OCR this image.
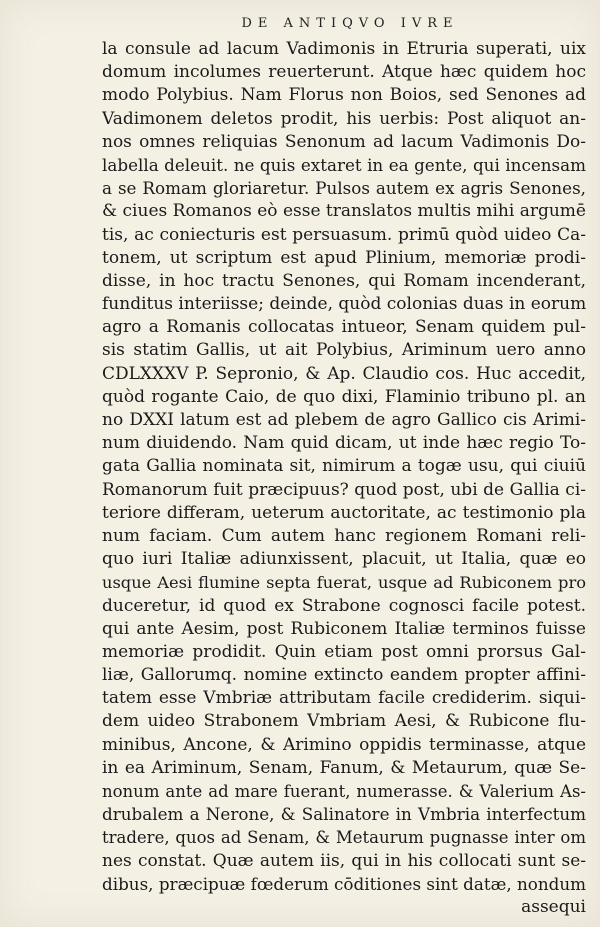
DE ANTIQVO IVRE
la consule ad lacum Vadimonis in Etruria superati, uix
domum incolumes reuerterunt. Atque hæc quidem hoc
modo Polybius. Nam Florus non Boios, sed Senones ad
Vadimonem deletos prodit, his uerbis: Post aliquot an-
nos omnes reliquias Senonum ad lacum Vadimonis Do-
labella deleuit. ne quis extaret in ea gente, qui incensam
a se Romam gloriaretur. Pulsos autem ex agris Senones,
& ciues Romanos eò esse translatos multis mihi argumē
tis, ac coniecturis est persuasum. primū quòd uideo Ca-
tonem, ut scriptum est apud Plinium, memoriæ prodi-
disse, in hoc tractu Senones, qui Romam incenderant,
funditus interiisse; deinde, quòd colonias duas in eorum
agro a Romanis collocatas intueor, Senam quidem pul-
sis statim Gallis, ut ait Polybius, Ariminum uero anno
CDLXXXV P. Sepronio, & Ap. Claudio cos. Huc accedit,
quòd rogante Caio, de quo dixi, Flaminio tribuno pl. an
no DXXI latum est ad plebem de agro Gallico cis Arimi-
num diuidendo. Nam quid dicam, ut inde hæc regio To-
gata Gallia nominata sit, nimirum a togæ usu, qui ciuiū
Romanorum fuit præcipuus? quod post, ubi de Gallia ci-
teriore differam, ueterum auctoritate, ac testimonio pla
num faciam. Cum autem hanc regionem Romani reli-
quo iuri Italiæ adiunxissent, placuit, ut Italia, quæ eo
usque Aesi flumine septa fuerat, usque ad Rubiconem pro
duceretur, id quod ex Strabone cognosci facile potest.
qui ante Aesim, post Rubiconem Italiæ terminos fuisse
memoriæ prodidit. Quin etiam post omni prorsus Gal-
liæ, Gallorumq. nomine extincto eandem propter affini-
tatem esse Vmbriæ attributam facile crediderim. siqui-
dem uideo Strabonem Vmbriam Aesi, & Rubicone flu-
minibus, Ancone, & Arimino oppidis terminasse, atque
in ea Ariminum, Senam, Fanum, & Metaurum, quæ Se-
nonum ante ad mare fuerant, numerasse. & Valerium As-
drubalem a Nerone, & Salinatore in Vmbria interfectum
tradere, quos ad Senam, & Metaurum pugnasse inter om
nes constat. Quæ autem iis, qui in his collocati sunt se-
dibus, præcipuæ fœderum cōditiones sint datæ, nondum
assequi
